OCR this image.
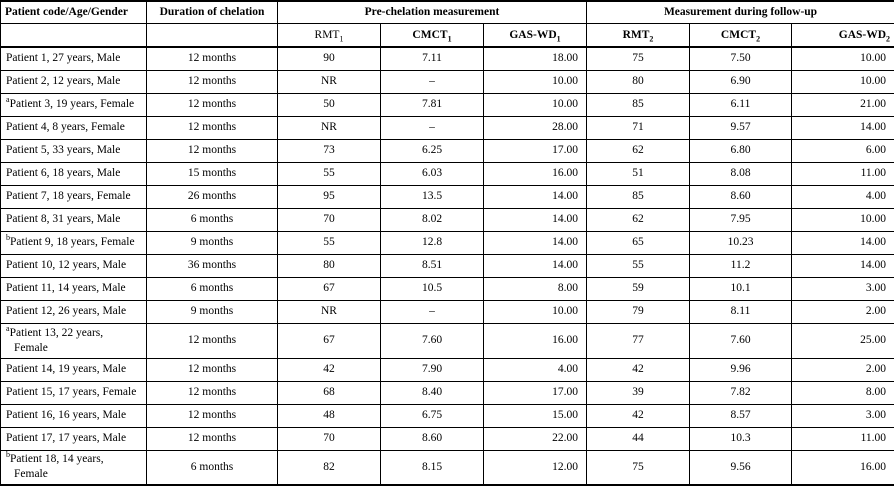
Patient code/Age/Gender	Duration of chelation	Pre-chelation measurement			Measurement during follow-up		
		$RMT_1$	$CMCT_1$	GAS-$WD_1$	$RMT_2$	$CMCT_2$	GAS-$WD_2$
Patient 1, 27 years, Male	12 months	90	7.11	18.00	75	7.50	10.00
Patient 2, 12 years, Male	12 months	NR	–	10.00	80	6.90	10.00
$^a$Patient 3, 19 years, Female	12 months	50	7.81	10.00	85	6.11	21.00
Patient 4, 8 years, Female	12 months	NR	–	28.00	71	9.57	14.00
Patient 5, 33 years, Male	12 months	73	6.25	17.00	62	6.80	6.00
Patient 6, 18 years, Male	15 months	55	6.03	16.00	51	8.08	11.00
Patient 7, 18 years, Female	26 months	95	13.5	14.00	85	8.60	4.00
Patient 8, 31 years, Male	6 months	70	8.02	14.00	62	7.95	10.00
$^b$Patient 9, 18 years, Female	9 months	55	12.8	14.00	65	10.23	14.00
Patient 10, 12 years, Male	36 months	80	8.51	14.00	55	11.2	14.00
Patient 11, 14 years, Male	6 months	67	10.5	8.00	59	10.1	3.00
Patient 12, 26 years, Male	9 months	NR	–	10.00	79	8.11	2.00
$^a$Patient 13, 22 years,
Female	12 months	67	7.60	16.00	77	7.60	25.00
Patient 14, 19 years, Male	12 months	42	7.90	4.00	42	9.96	2.00
Patient 15, 17 years, Female	12 months	68	8.40	17.00	39	7.82	8.00
Patient 16, 16 years, Male	12 months	48	6.75	15.00	42	8.57	3.00
Patient 17, 17 years, Male	12 months	70	8.60	22.00	44	10.3	11.00
$^b$Patient 18, 14 years,
Female	6 months	82	8.15	12.00	75	9.56	16.00
